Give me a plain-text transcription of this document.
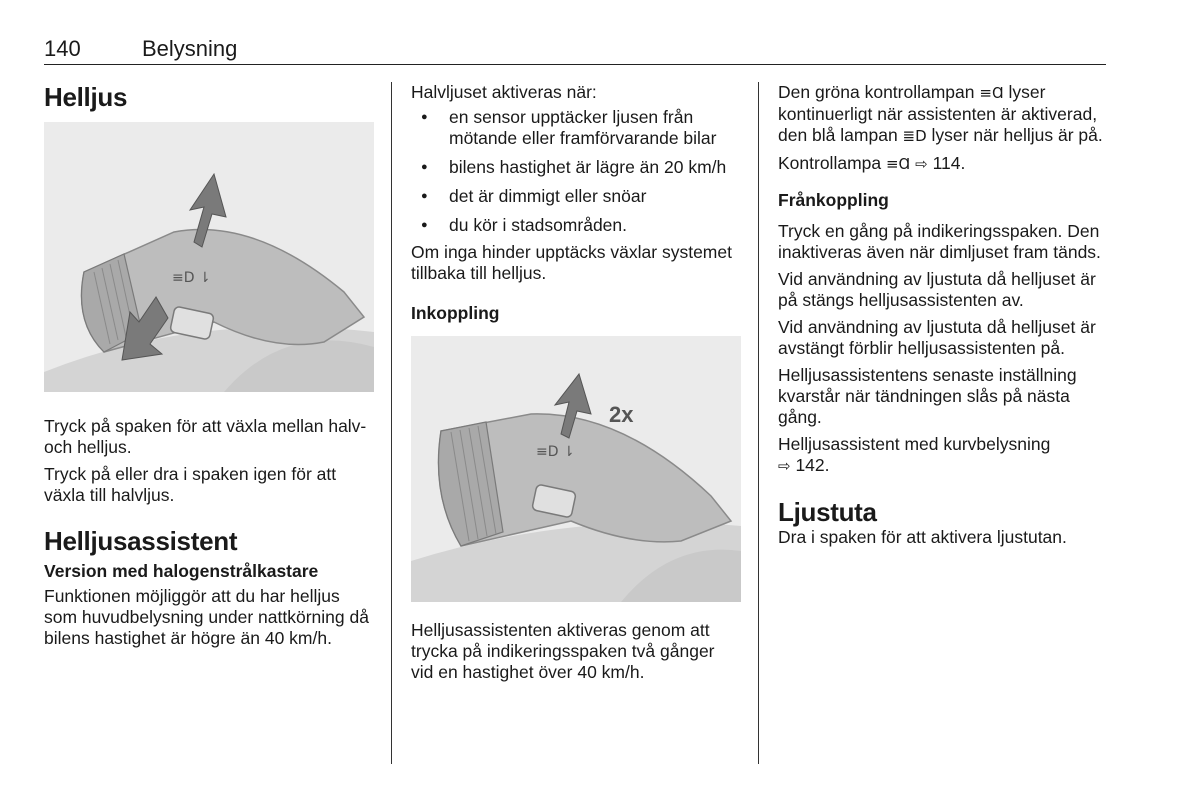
140	Belysning
Helljus
≡D ⇂

Tryck på spaken för att växla mellan halv- och helljus.

Tryck på eller dra i spaken igen för att växla till halvljus.

Helljusassistent
Version med halogenstrålkastare

Funktionen möjliggör att du har helljus som huvudbelysning under nattkörning då bilens hastighet är högre än 40 km/h.

Halvljuset aktiveras när:

● en sensor upptäcker ljusen från mötande eller framförvarande bilar
● bilens hastighet är lägre än 20 km/h
● det är dimmigt eller snöar
● du kör i stadsområden.

Om inga hinder upptäcks växlar systemet tillbaka till helljus.

Inkoppling
≡D ⇂
2x

Helljusassistenten aktiveras genom att trycka på indikeringsspaken två gånger vid en hastighet över 40 km/h.

Den gröna kontrollampan ≡Ɑ lyser kontinuerligt när assistenten är aktiverad, den blå lampan ≣D lyser när helljus är på.

Kontrollampa ≡Ɑ ⇨ 114.

Frånkoppling

Tryck en gång på indikeringsspaken. Den inaktiveras även när dimljuset fram tänds.

Vid användning av ljustuta då helljuset är på stängs helljusassistenten av.

Vid användning av ljustuta då helljuset är avstängt förblir helljusassistenten på.

Helljusassistentens senaste inställning kvarstår när tändningen slås på nästa gång.

Helljusassistent med kurvbelysning
⇨ 142.

Ljustuta

Dra i spaken för att aktivera ljustutan.
